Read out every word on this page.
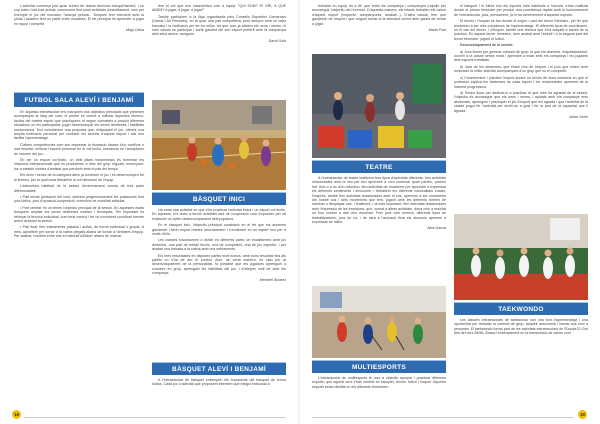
L'activitat comença just quan surten de classe bencora tranquil·lament, i un cop totes i tots han arribat, comencem fent unes activitats d'escalfament, com per exemple el joc del mocador, l'aranya peluda... Després fem exercicis amb la pilota i acabem fent un partit entre nosaltres. El fet principal és aprendre a jugar en equip i competir.

Magí Calsa

FUTBOL SALA ALEVÍ I BENJAMÍ

En aquesta extraescolar ens marquem dos objectius principals que pretenen acompanyar al llarg del curs: el primer es centra a millorar aspectes tècnico-tàctics del mateix esport que practiquem; el segon consisteix a produir diferents situacions on els participants pugin desenvolupar les seves destreses i habilitats sociomotrius. Ens considerem una proposta que, mitjançant el joc, ofereix una àmplia motivació personal per conèixer els secrets d'aquest esport i així ens facilita l'aprenentatge.

D'altres competències com són respectar la frustració davant d'un conflicte o mal resultat, millorar l'esperit personal en el col·lectiu, tolerància en l'acceptació de normes del joc...

En ser un esport col·lectiu, un dels pilars fonamentals és fomentar les relacions interpersonals que es produeixen a dins del grup d'iguals, ensenyant-los a establir vincles d'amistat que perdurin amb el pas del temps.

Els nens i nenes de la categoria aleví ja coneixen el joc i es desenvolupen bé al terreny, per la qual cosa treballem la col·laboració de l'equip.

L'estructura habitual de la sessió d'entrenament consta de tres parts diferenciades:

• Part inicial (activació del cos): activem progressivament les pulsacions fent jocs lúdics, jocs d'oposició-cooperació i exercicis de mobilitat articular.

• Part central: és on tenim l'objectiu principal de la sessió. En aquestes edats busquem ampliar les seves destreses motrius i tècniques. Ten important és reforçar la tècnica individual, com tenir control i fer un moviment coordinat mentre anem acabant la sessió.

• Part final: fem estiraments passius i actius, de forma individual o grupal. A més, aprofitem per tornar a la calma plegats abans de tornar a l'ambient d'equip. Per acabar, recollim entre tots el material utilitzat i abans de marxar.

fem el crit que ens caracteritza com a equip: "QUI SOM? EI GRI, A QUÈ ANEM? A jugar, a jugar, a jugar!"

També participem a la lliga organitzada pels Consells Esportius Comarcals (Garraf i Alt Penedès), en la qual, una part competitiva, però sempre amb un valor formatiu i la motivació per fer-ho millor, fet que com ja sabem els nens i nenes, el més valuós és participar i sortir gaudint del seu esport preferit amb la companyia dels seus amics i amigues.

David Sola

BÀSQUET INICI

Ha estat una activitat en què s'ha practicat l'activitat física i un esport col·lectiu. En aquesta, s'hi duen a terme activitats tant de cooperació com d'oposició per tal d'afavorir un òptim desenvolupament dels jugadors.

En el bàsquet inici, l'objectiu principal consisteix en el fet que els alumnes gaudeixin i facin esport mentre descobreixen i s'endinsen en un esport nou per a molts d'ells.

Les classes s'acostumen a dividir en diferents parts: un escalfament amb joc dinàmics, una part de treball tècnic, una de competició, una de joc esportiu, i per acabar una tornada a la calma amb uns estiraments.

Els més entusiastes en disputen partits molt bonics, amb bons resultats fins als partits on s'ha de dur el control. Això, de certa manera, és clau per al desenvolupament de la personalitat, fa possible que els jugadors aprenguin a conviure en grup, aprenguin les habilitats del joc, i s'integrin molt bé amb els companys.

Meritxell Álvarez

BÀSQUET ALEVÍ I BENJAMÍ

A l'extraescolar de bàsquet ensenyem els fonaments del bàsquet de forma lúdica. Cada joc o activitat que proposem intentem que estigui enfocada a

18

treballar en equip, és a dir, que entre els companys i companyes s'ajudin per aconseguir l'objectiu del l'exercici. D'aquesta manera, els infants treballen els valors d'aquest esport (respecte, companyonia, amistat...). D'altra banda, fem que gaudeixin de l'esport i que volguin tornar-hi la setmana vinent amb ganes de tornar a jugar.

Marta Font

TEATRE

A l'extraescolar de teatre realitzem tres tipus d'activitats diferents: fem activitats relacionades amb la veu per així aprendre a com controlar quan parlem, parlem fort, fluix o a ús d'un micròfon; fem activitats de moviment per aprendre a expressar els diferents sentiments i emocions; i treballem les diferents musicalitats vocals. Després, també fem activitats relacionades amb el cos, aprenem a ser conscients del nostre cos i dels moviments que fem, jugant amb les diferents formes de caminar o desplaçar-nos. I finalment, i la més important, fem activitats relacionades amb l'expressió de les emocions, que, sumat a altres activitats, dóna com a resultat un bon control a dalt d'un escenari. Fem jocs com mímics, diferents tipus de teatralitzacions, jocs de rol, i de cara a l'actuació final els alumnes aprenen a expressar-se millor.

Aina Garcia

MULTIESPORTS

L'extraescolar de multiesports té com a objectiu apropar i practicar diferents esports, que aquest curs s'han centrat en bàsquet, tennis, futbol i hoquei. Aquests esports estan dividits en els diferents trimestres:

el bàsquet i el futbol són els esports més habituals a l'escola, s'han realitzat durant el primer trimestre per produir una coneixença ràpida amb el funcionament de l'extraescolar, jocs, previament, ja hi ha coneixement d'aquests esports.

El tennis i l'hoquei es fan durant el segon i part del tercer trimestre, pel fet que tendeixen a ser més complexos de l'aprenentatge. El diferents tipus de coordinació, en el cas del tennis, i d'hoquei, també una tècnica que s'ha adquirit a través de la pràctica. En aquest tercer trimestre, hem acabat amb l'estudi i a la segona part del tercer trimestre, jugant el futbol.

Desenvolupament de la sessió:

a) Jocs lliures per generar cohesió de grup: la que els alumnes, majoritàriament, ocorrin a la classe sense mirar i aprendre a estar amb els companys i les jugades dels esports treballats.

b) Jocs de les destreses, que estan cinc de l'esport i el jocs que volem amb motivació la millor activitat acompanyant d'un grup que no el compartit.

c) Coneixement i pràctica l'esport durant un mínim de dues sessions en què el professor explica les destreses de cada esport i les relacionades aprenent de la manera progressiva.

d) Temps lliure per dedicar-lo a practicar el que més ha agradat de la sessió: l'objectiu és aconseguir que els nens i nenes, i ajudats amb els companys més afortunats, aprenguin i practiquin el joc d'esport que els agrada i que l'activitat de la classe pugui fer l'activitat per sentir-se a gust i fer la part de la capacitat que li agrada.

Albas Vives

TAEKWONDO

Les classes extraescolars de taekwondo són una font d'aprenentatge i una oportunitat per treballar la cohesió de grup, adquirir autonomia i formar-nos com a persones. El taekwondo forma part de les activitats extraescolars de l'Escola El Cim des del curs 95/96. Busca l'ensenyament en la transmissió de valors com

19
